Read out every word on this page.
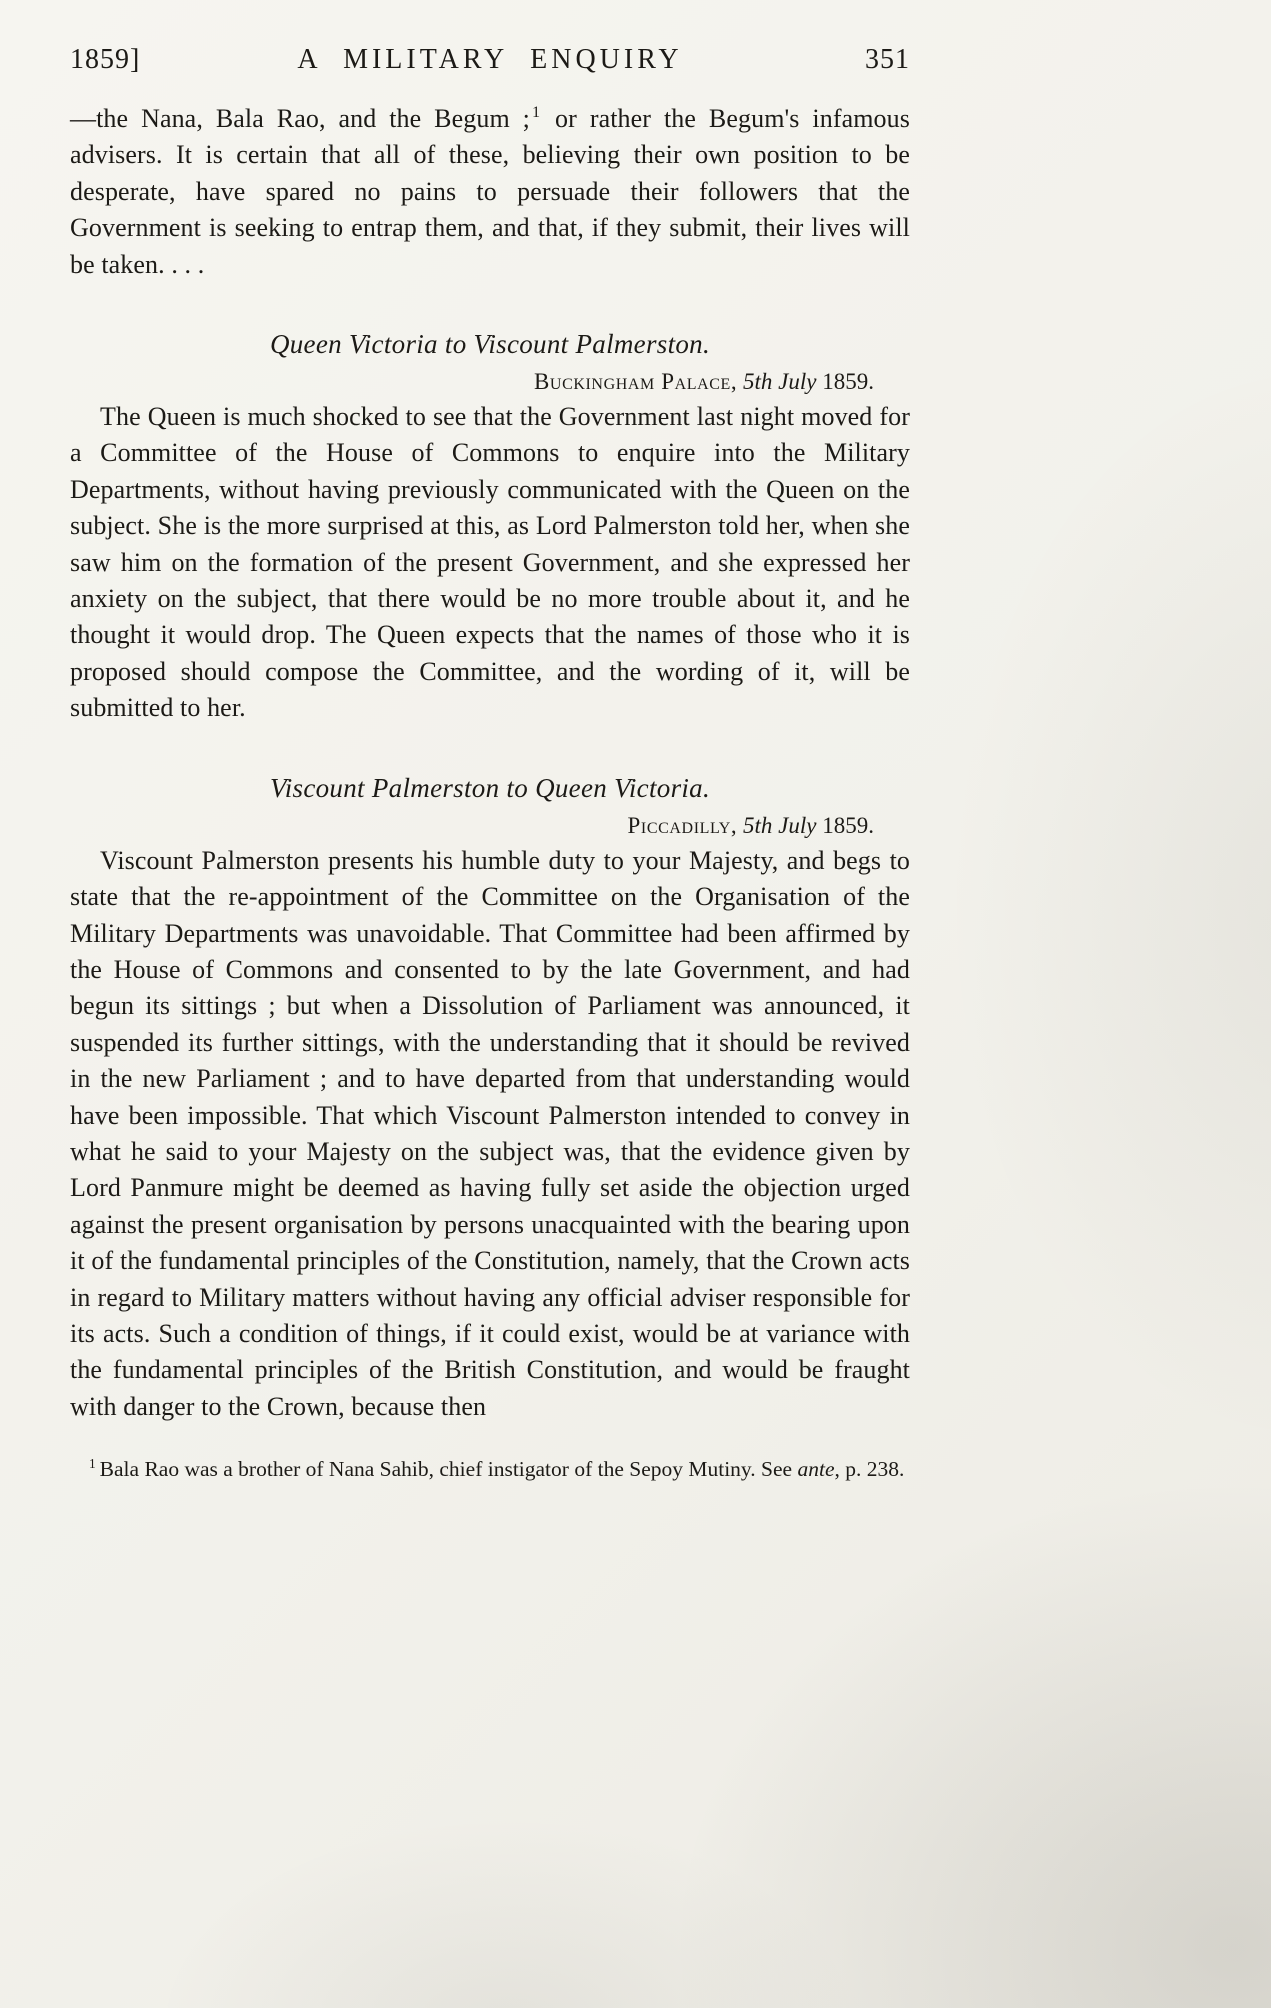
1859]	A MILITARY ENQUIRY	351

—the Nana, Bala Rao, and the Begum ; $^1$ or rather the Begum's infamous advisers. It is certain that all of these, believing their own position to be desperate, have spared no pains to persuade their followers that the Government is seeking to entrap them, and that, if they submit, their lives will be taken. . . .

Queen Victoria to Viscount Palmerston.

Buckingham Palace, 5th July 1859.

The Queen is much shocked to see that the Government last night moved for a Committee of the House of Commons to enquire into the Military Departments, without having previously communicated with the Queen on the subject. She is the more surprised at this, as Lord Palmerston told her, when she saw him on the formation of the present Government, and she expressed her anxiety on the subject, that there would be no more trouble about it, and he thought it would drop. The Queen expects that the names of those who it is proposed should compose the Committee, and the wording of it, will be submitted to her.

Viscount Palmerston to Queen Victoria.

Piccadilly, 5th July 1859.

Viscount Palmerston presents his humble duty to your Majesty, and begs to state that the re-appointment of the Committee on the Organisation of the Military Departments was unavoidable. That Committee had been affirmed by the House of Commons and consented to by the late Government, and had begun its sittings ; but when a Dissolution of Parliament was announced, it suspended its further sittings, with the understanding that it should be revived in the new Parliament ; and to have departed from that understanding would have been impossible. That which Viscount Palmerston intended to convey in what he said to your Majesty on the subject was, that the evidence given by Lord Panmure might be deemed as having fully set aside the objection urged against the present organisation by persons unacquainted with the bearing upon it of the fundamental principles of the Constitution, namely, that the Crown acts in regard to Military matters without having any official adviser responsible for its acts. Such a condition of things, if it could exist, would be at variance with the fundamental principles of the British Constitution, and would be fraught with danger to the Crown, because then

$^1$ Bala Rao was a brother of Nana Sahib, chief instigator of the Sepoy Mutiny. See ante, p. 238.
